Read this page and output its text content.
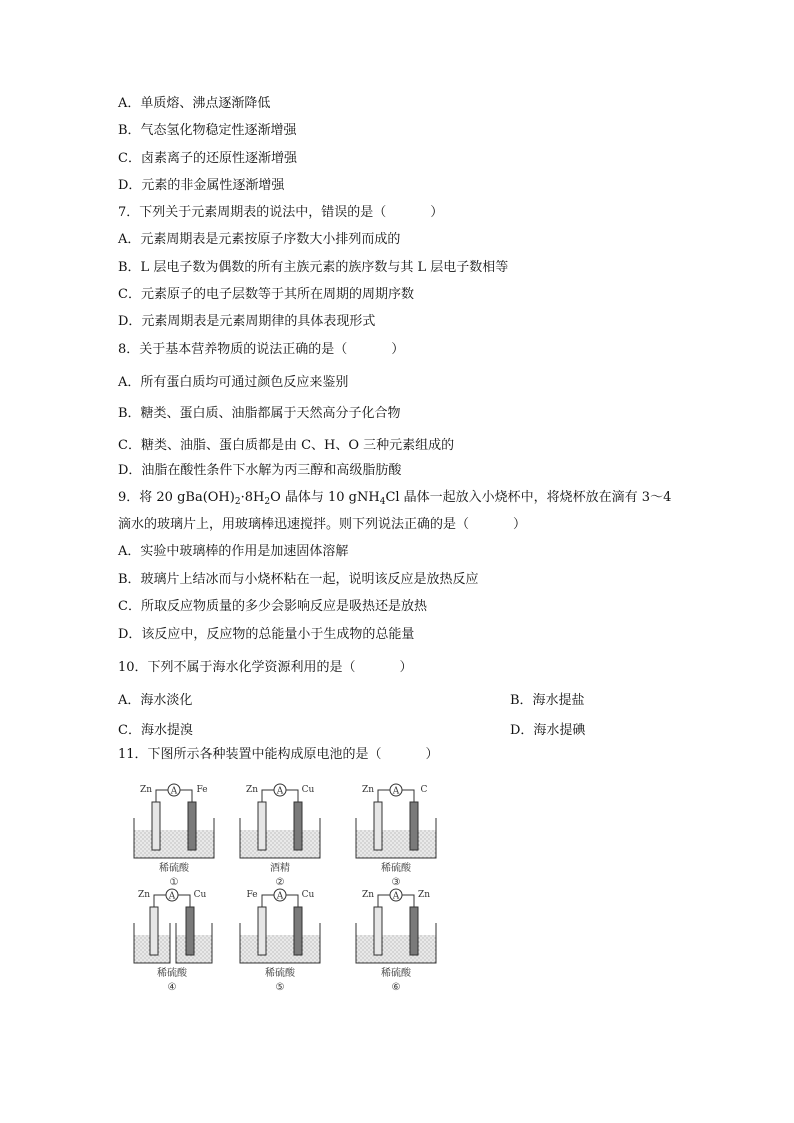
A．单质熔、沸点逐渐降低
B．气态氢化物稳定性逐渐增强
C．卤素离子的还原性逐渐增强
D．元素的非金属性逐渐增强
7．下列关于元素周期表的说法中，错误的是（	）
A．元素周期表是元素按原子序数大小排列而成的
B．L 层电子数为偶数的所有主族元素的族序数与其 L 层电子数相等
C．元素原子的电子层数等于其所在周期的周期序数
D．元素周期表是元素周期律的具体表现形式
8．关于基本营养物质的说法正确的是（	）
A．所有蛋白质均可通过颜色反应来鉴别
B．糖类、蛋白质、油脂都属于天然高分子化合物
C．糖类、油脂、蛋白质都是由 C、H、O 三种元素组成的
D．油脂在酸性条件下水解为丙三醇和高级脂肪酸
9．将 20 $gBa(OH)_2\cdot 8H_2O$ 晶体与 10 gNH$_4$Cl 晶体一起放入小烧杯中，将烧杯放在滴有 3～4
滴水的玻璃片上，用玻璃棒迅速搅拌。则下列说法正确的是（	）
A．实验中玻璃棒的作用是加速固体溶解
B．玻璃片上结冰而与小烧杯粘在一起，说明该反应是放热反应
C．所取反应物质量的多少会影响反应是吸热还是放热
D．该反应中，反应物的总能量小于生成物的总能量
10．下列不属于海水化学资源利用的是（	）
A．海水淡化	B．海水提盐
C．海水提溴	D．海水提碘
11．下图所示各种装置中能构成原电池的是（	）
A
Zn	Fe
稀硫酸
①
A
Zn	Cu
酒精
②
A
Zn	C
稀硫酸
③
A
Zn	Cu
稀硫酸
④
A
Fe	Cu
稀硫酸
⑤
A
Zn	Zn
稀硫酸
⑥
